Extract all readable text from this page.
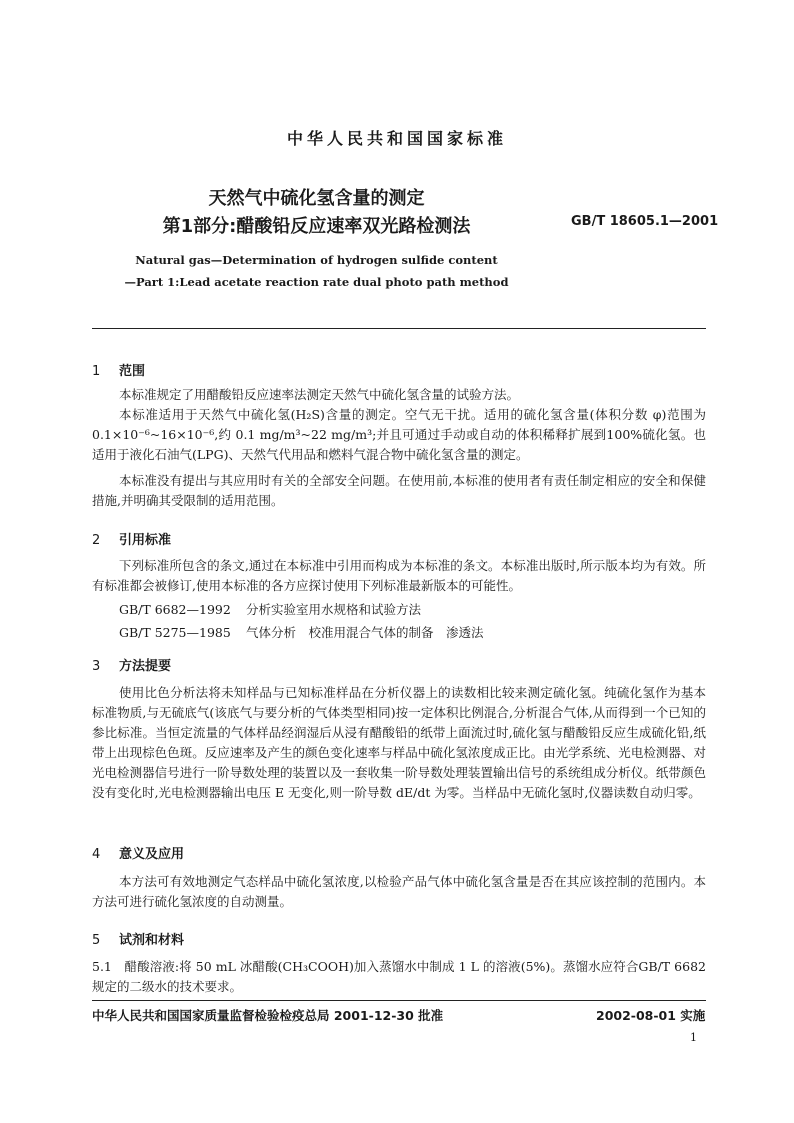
中华人民共和国国家标准
天然气中硫化氢含量的测定
第1部分:醋酸铅反应速率双光路检测法	GB/T 18605.1—2001
Natural gas—Determination of hydrogen sulfide content
—Part 1:Lead acetate reaction rate dual photo path method
1 范围
本标准规定了用醋酸铅反应速率法测定天然气中硫化氢含量的试验方法。
本标准适用于天然气中硫化氢(H₂S)含量的测定。空气无干扰。适用的硫化氢含量(体积分数 φ)范围为 0.1×10⁻⁶~16×10⁻⁶,约 0.1 mg/m³~22 mg/m³;并且可通过手动或自动的体积稀释扩展到100%硫化氢。也适用于液化石油气(LPG)、天然气代用品和燃料气混合物中硫化氢含量的测定。
本标准没有提出与其应用时有关的全部安全问题。在使用前,本标准的使用者有责任制定相应的安全和保健措施,并明确其受限制的适用范围。
2 引用标准
下列标准所包含的条文,通过在本标准中引用而构成为本标准的条文。本标准出版时,所示版本均为有效。所有标准都会被修订,使用本标准的各方应探讨使用下列标准最新版本的可能性。
GB/T 6682—1992 分析实验室用水规格和试验方法
GB/T 5275—1985 气体分析　校准用混合气体的制备　渗透法
3 方法提要
使用比色分析法将未知样品与已知标准样品在分析仪器上的读数相比较来测定硫化氢。纯硫化氢作为基本标准物质,与无硫底气(该底气与要分析的气体类型相同)按一定体积比例混合,分析混合气体,从而得到一个已知的参比标准。当恒定流量的气体样品经润湿后从浸有醋酸铅的纸带上面流过时,硫化氢与醋酸铅反应生成硫化铅,纸带上出现棕色色斑。反应速率及产生的颜色变化速率与样品中硫化氢浓度成正比。由光学系统、光电检测器、对光电检测器信号进行一阶导数处理的装置以及一套收集一阶导数处理装置输出信号的系统组成分析仪。纸带颜色没有变化时,光电检测器输出电压 E 无变化,则一阶导数 dE/dt 为零。当样品中无硫化氢时,仪器读数自动归零。
4 意义及应用
本方法可有效地测定气态样品中硫化氢浓度,以检验产品气体中硫化氢含量是否在其应该控制的范围内。本方法可进行硫化氢浓度的自动测量。
5 试剂和材料
5.1　醋酸溶液:将 50 mL 冰醋酸(CH₃COOH)加入蒸馏水中制成 1 L 的溶液(5%)。蒸馏水应符合GB/T 6682规定的二级水的技术要求。
中华人民共和国国家质量监督检验检疫总局 2001-12-30 批准	2002-08-01 实施
1
